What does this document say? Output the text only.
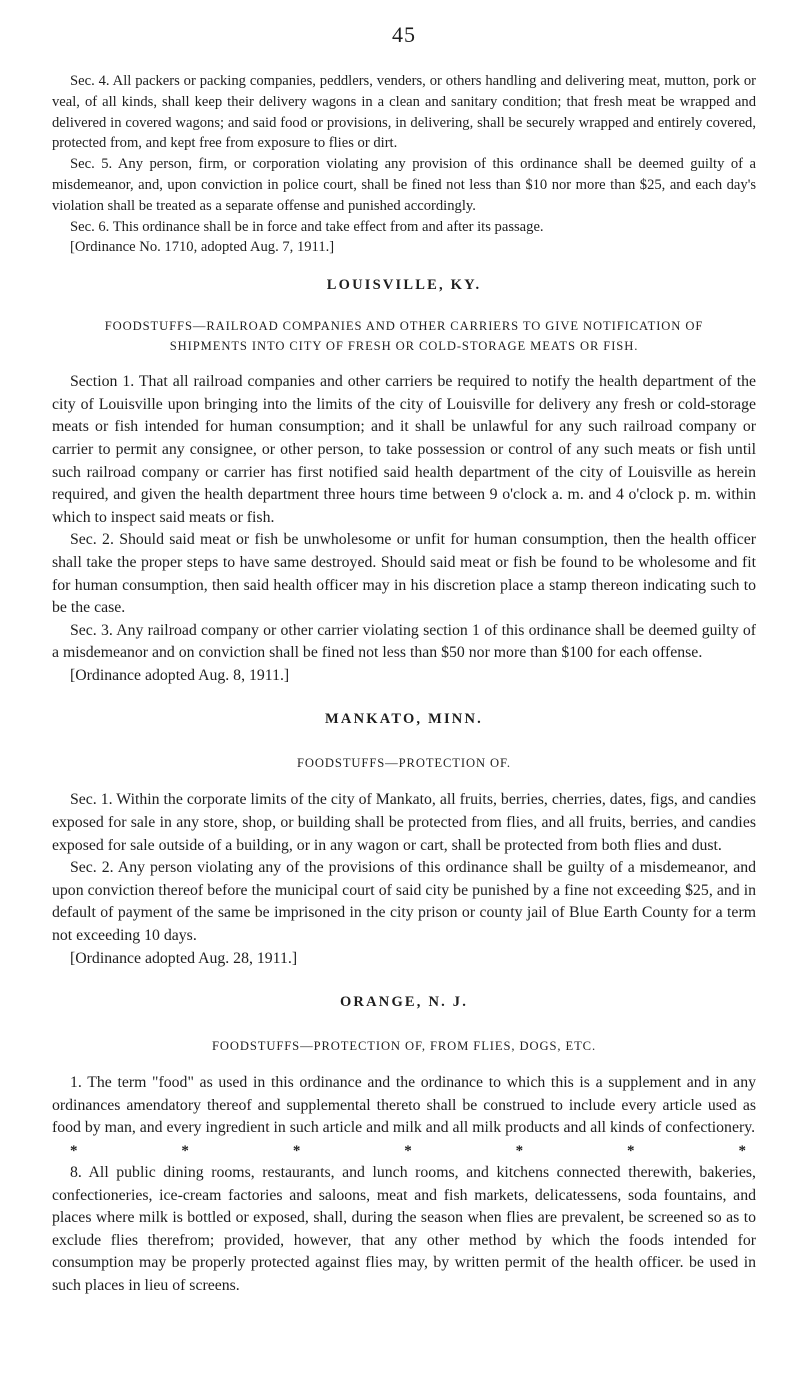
45

Sec. 4. All packers or packing companies, peddlers, venders, or others handling and delivering meat, mutton, pork or veal, of all kinds, shall keep their delivery wagons in a clean and sanitary condition; that fresh meat be wrapped and delivered in covered wagons; and said food or provisions, in delivering, shall be securely wrapped and entirely covered, protected from, and kept free from exposure to flies or dirt.

Sec. 5. Any person, firm, or corporation violating any provision of this ordinance shall be deemed guilty of a misdemeanor, and, upon conviction in police court, shall be fined not less than $10 nor more than $25, and each day's violation shall be treated as a separate offense and punished accordingly.

Sec. 6. This ordinance shall be in force and take effect from and after its passage.

[Ordinance No. 1710, adopted Aug. 7, 1911.]

LOUISVILLE, KY.
FOODSTUFFS—RAILROAD COMPANIES AND OTHER CARRIERS TO GIVE NOTIFICATION OF SHIPMENTS INTO CITY OF FRESH OR COLD-STORAGE MEATS OR FISH.

Section 1. That all railroad companies and other carriers be required to notify the health department of the city of Louisville upon bringing into the limits of the city of Louisville for delivery any fresh or cold-storage meats or fish intended for human consumption; and it shall be unlawful for any such railroad company or carrier to permit any consignee, or other person, to take possession or control of any such meats or fish until such railroad company or carrier has first notified said health department of the city of Louisville as herein required, and given the health department three hours time between 9 o'clock a. m. and 4 o'clock p. m. within which to inspect said meats or fish.

Sec. 2. Should said meat or fish be unwholesome or unfit for human consumption, then the health officer shall take the proper steps to have same destroyed. Should said meat or fish be found to be wholesome and fit for human consumption, then said health officer may in his discretion place a stamp thereon indicating such to be the case.

Sec. 3. Any railroad company or other carrier violating section 1 of this ordinance shall be deemed guilty of a misdemeanor and on conviction shall be fined not less than $50 nor more than $100 for each offense.

[Ordinance adopted Aug. 8, 1911.]

MANKATO, MINN.
FOODSTUFFS—PROTECTION OF.

Sec. 1. Within the corporate limits of the city of Mankato, all fruits, berries, cherries, dates, figs, and candies exposed for sale in any store, shop, or building shall be protected from flies, and all fruits, berries, and candies exposed for sale outside of a building, or in any wagon or cart, shall be protected from both flies and dust.

Sec. 2. Any person violating any of the provisions of this ordinance shall be guilty of a misdemeanor, and upon conviction thereof before the municipal court of said city be punished by a fine not exceeding $25, and in default of payment of the same be imprisoned in the city prison or county jail of Blue Earth County for a term not exceeding 10 days.

[Ordinance adopted Aug. 28, 1911.]

ORANGE, N. J.
FOODSTUFFS—PROTECTION OF, FROM FLIES, DOGS, ETC.

1. The term "food" as used in this ordinance and the ordinance to which this is a supplement and in any ordinances amendatory thereof and supplemental thereto shall be construed to include every article used as food by man, and every ingredient in such article and milk and all milk products and all kinds of confectionery.

*	*	*	*	*	*	*

8. All public dining rooms, restaurants, and lunch rooms, and kitchens connected therewith, bakeries, confectioneries, ice-cream factories and saloons, meat and fish markets, delicatessens, soda fountains, and places where milk is bottled or exposed, shall, during the season when flies are prevalent, be screened so as to exclude flies therefrom; provided, however, that any other method by which the foods intended for consumption may be properly protected against flies may, by written permit of the health officer. be used in such places in lieu of screens.
